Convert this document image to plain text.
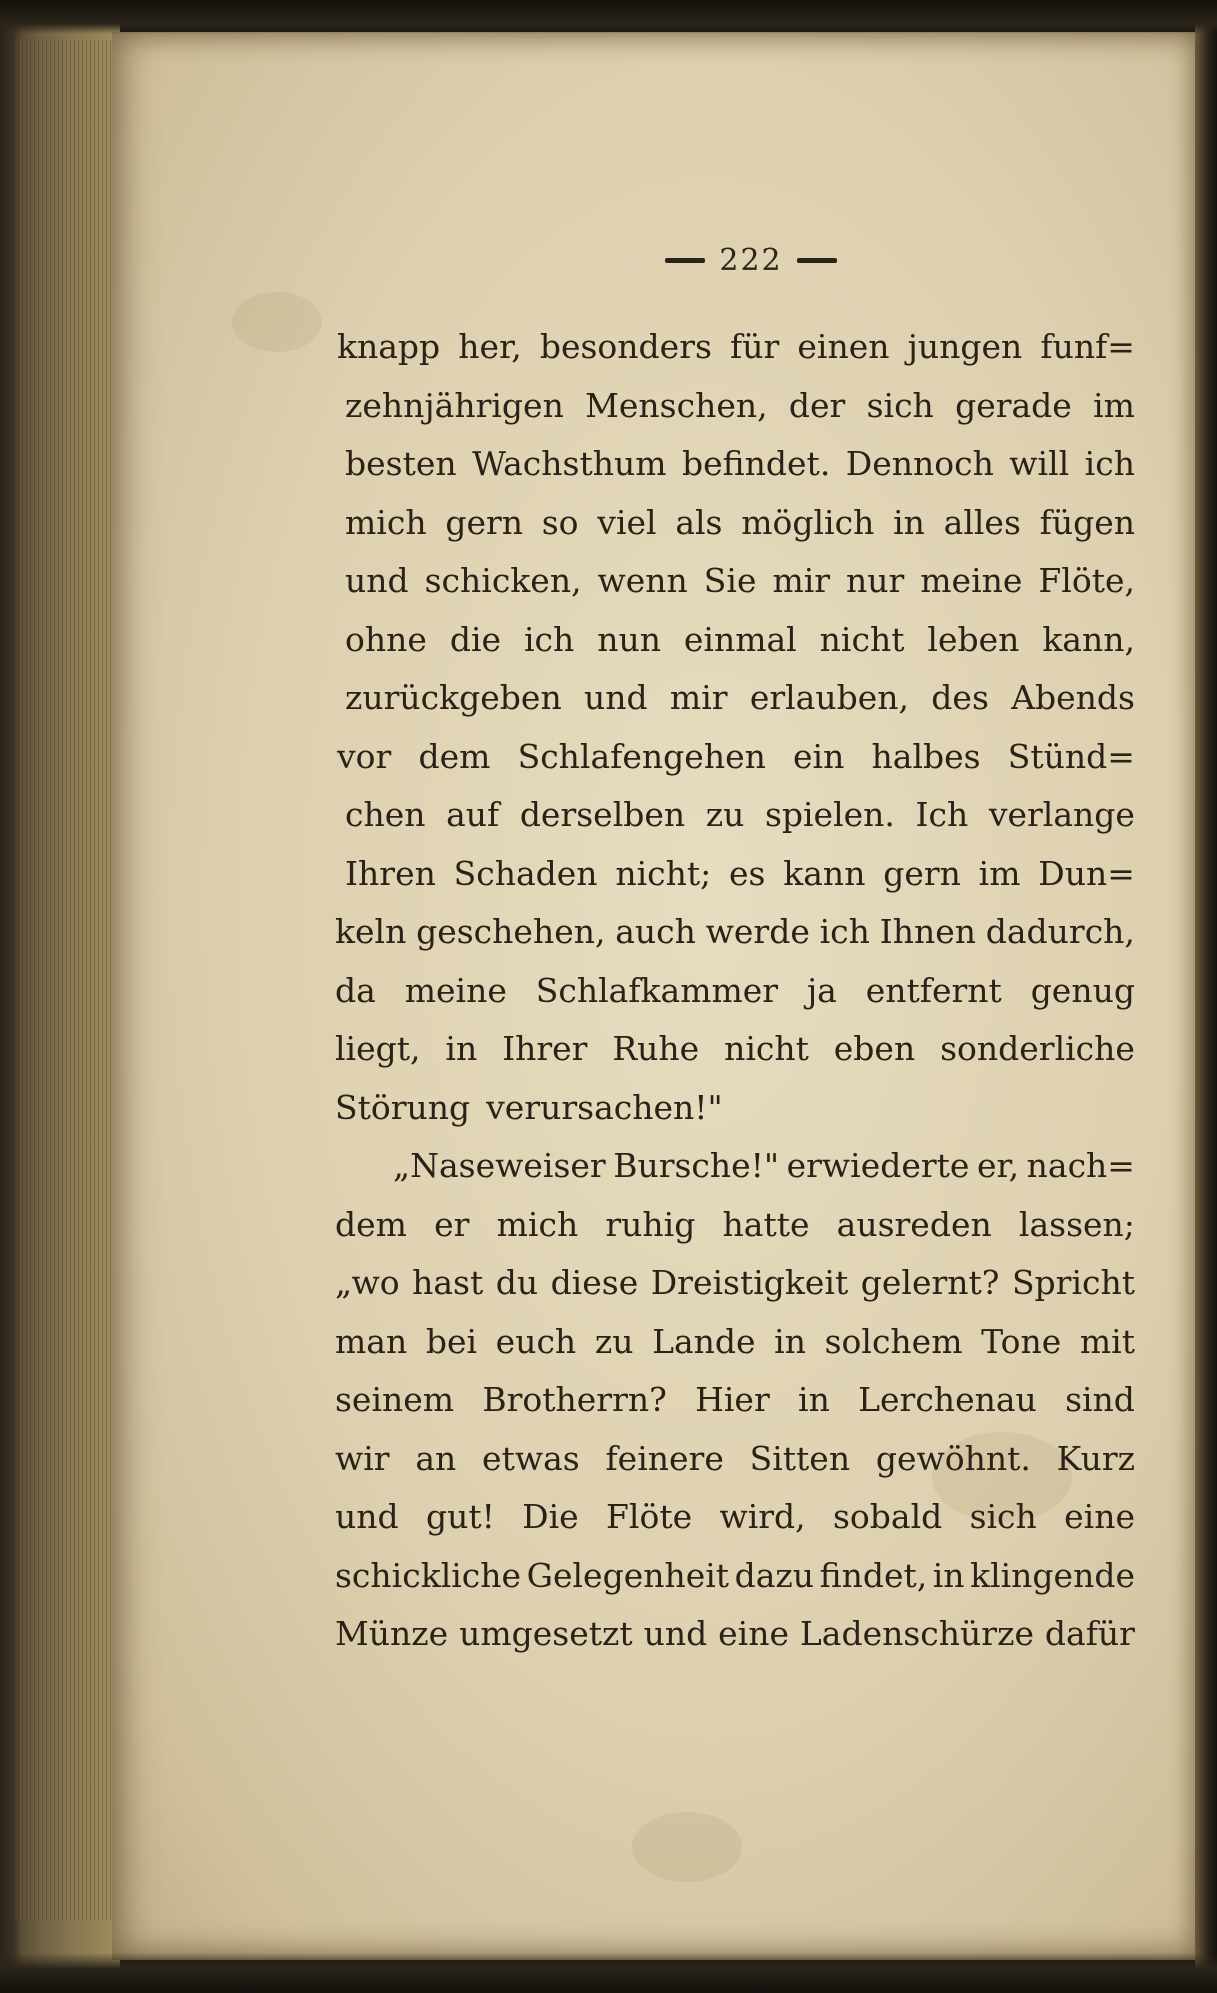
222
knapp her, besonders für einen jungen funf=
zehnjährigen Menschen, der sich gerade im
besten Wachsthum befindet. Dennoch will ich
mich gern so viel als möglich in alles fügen
und schicken, wenn Sie mir nur meine Flöte,
ohne die ich nun einmal nicht leben kann,
zurückgeben und mir erlauben, des Abends
vor dem Schlafengehen ein halbes Stünd=
chen auf derselben zu spielen. Ich verlange
Ihren Schaden nicht; es kann gern im Dun=
keln geschehen, auch werde ich Ihnen dadurch,
da meine Schlafkammer ja entfernt genug
liegt, in Ihrer Ruhe nicht eben sonderliche
Störung verursachen!"
„Naseweiser Bursche!" erwiederte er, nach=
dem er mich ruhig hatte ausreden lassen;
„wo hast du diese Dreistigkeit gelernt? Spricht
man bei euch zu Lande in solchem Tone mit
seinem Brotherrn? Hier in Lerchenau sind
wir an etwas feinere Sitten gewöhnt. Kurz
und gut! Die Flöte wird, sobald sich eine
schickliche Gelegenheit dazu findet, in klingende
Münze umgesetzt und eine Ladenschürze dafür
